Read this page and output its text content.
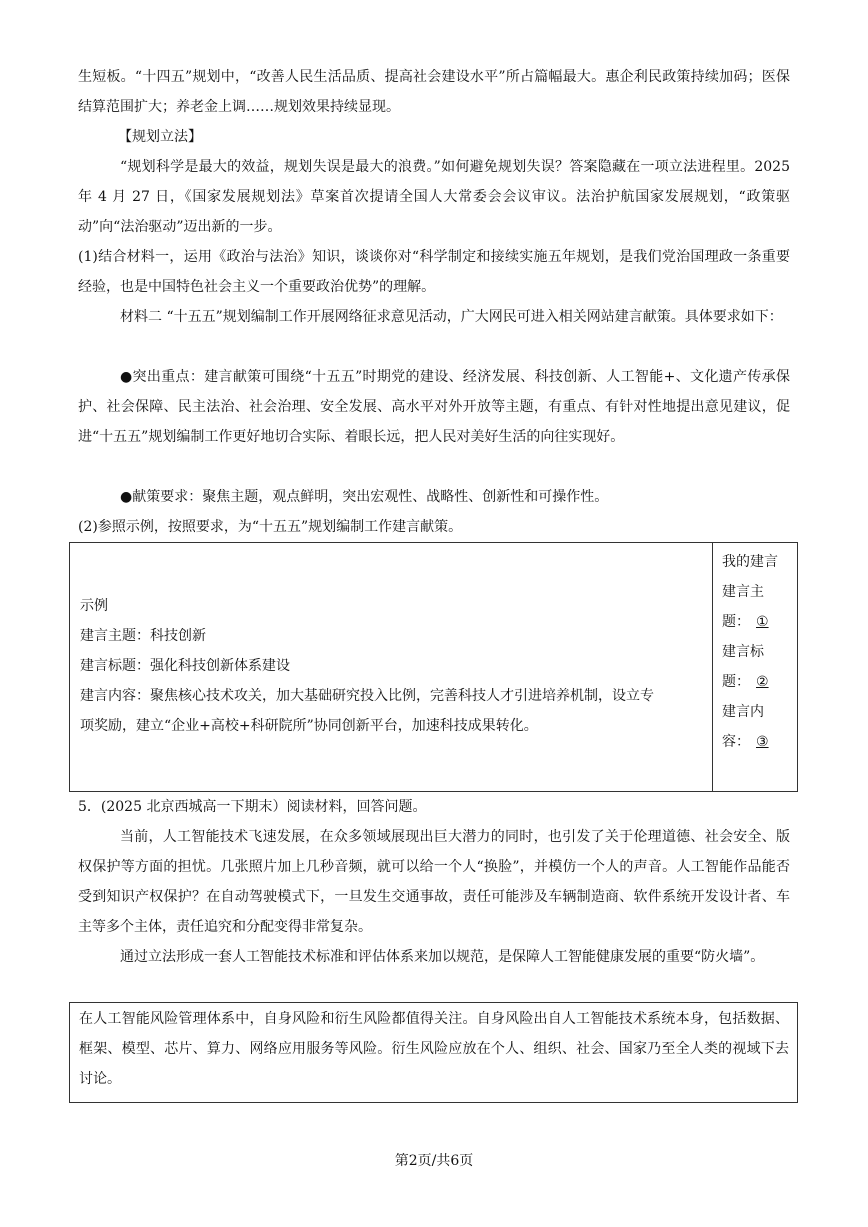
生短板。“十四五”规划中，“改善人民生活品质、提高社会建设水平”所占篇幅最大。惠企利民政策持续加码；医保结算范围扩大；养老金上调……规划效果持续显现。

【规划立法】

“规划科学是最大的效益，规划失误是最大的浪费。”如何避免规划失误？答案隐藏在一项立法进程里。2025 年 4 月 27 日，《国家发展规划法》草案首次提请全国人大常委会会议审议。法治护航国家发展规划，“政策驱动”向“法治驱动”迈出新的一步。

(1)结合材料一，运用《政治与法治》知识，谈谈你对“科学制定和接续实施五年规划，是我们党治国理政一条重要经验，也是中国特色社会主义一个重要政治优势”的理解。

材料二 “十五五”规划编制工作开展网络征求意见活动，广大网民可进入相关网站建言献策。具体要求如下：

●突出重点：建言献策可围绕“十五五”时期党的建设、经济发展、科技创新、人工智能+、文化遗产传承保护、社会保障、民主法治、社会治理、安全发展、高水平对外开放等主题，有重点、有针对性地提出意见建议，促进“十五五”规划编制工作更好地切合实际、着眼长远，把人民对美好生活的向往实现好。

●献策要求：聚焦主题，观点鲜明，突出宏观性、战略性、创新性和可操作性。

(2)参照示例，按照要求，为“十五五”规划编制工作建言献策。

示例

建言主题：科技创新

建言标题：强化科技创新体系建设

建言内容：聚焦核心技术攻关，加大基础研究投入比例，完善科技人才引进培养机制，设立专

项奖励，建立“企业+高校+科研院所”协同创新平台，加速科技成果转化。

我的建言

建言主

题： ①

建言标

题： ②

建言内

容： ③

5．(2025 北京西城高一下期末）阅读材料，回答问题。

当前，人工智能技术飞速发展，在众多领域展现出巨大潜力的同时，也引发了关于伦理道德、社会安全、版权保护等方面的担忧。几张照片加上几秒音频，就可以给一个人“换脸”，并模仿一个人的声音。人工智能作品能否受到知识产权保护？在自动驾驶模式下，一旦发生交通事故，责任可能涉及车辆制造商、软件系统开发设计者、车主等多个主体，责任追究和分配变得非常复杂。

通过立法形成一套人工智能技术标准和评估体系来加以规范，是保障人工智能健康发展的重要“防火墙”。

在人工智能风险管理体系中，自身风险和衍生风险都值得关注。自身风险出自人工智能技术系统本身，包括数据、框架、模型、芯片、算力、网络应用服务等风险。衍生风险应放在个人、组织、社会、国家乃至全人类的视域下去讨论。

第2页/共6页
